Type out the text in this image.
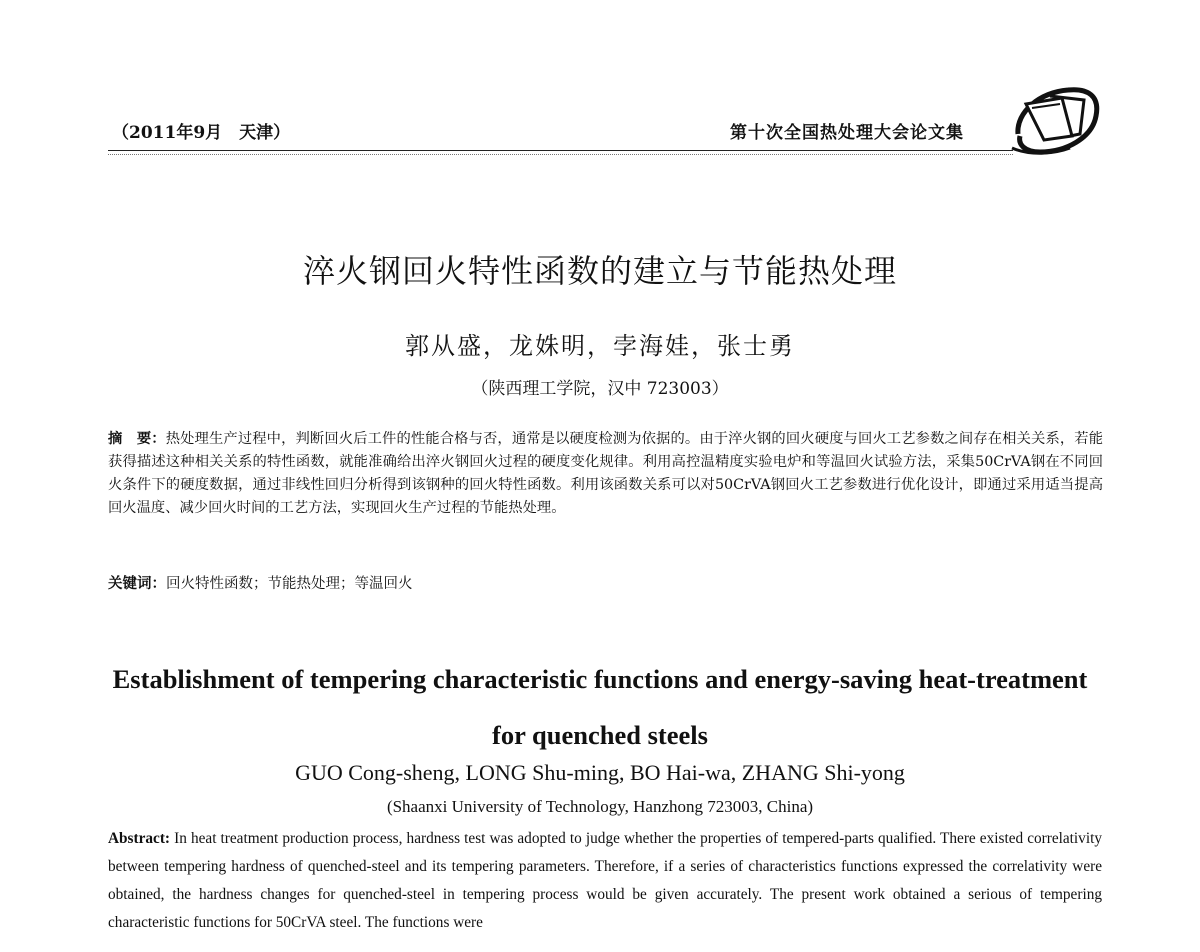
（2011年9月　天津）	第十次全国热处理大会论文集
淬火钢回火特性函数的建立与节能热处理
郭从盛，龙姝明，孛海娃，张士勇
（陕西理工学院，汉中 723003）
摘　要：热处理生产过程中，判断回火后工件的性能合格与否，通常是以硬度检测为依据的。由于淬火钢的回火硬度与回火工艺参数之间存在相关关系，若能获得描述这种相关关系的特性函数，就能准确给出淬火钢回火过程的硬度变化规律。利用高控温精度实验电炉和等温回火试验方法，采集50CrVA钢在不同回火条件下的硬度数据，通过非线性回归分析得到该钢种的回火特性函数。利用该函数关系可以对50CrVA钢回火工艺参数进行优化设计，即通过采用适当提高回火温度、减少回火时间的工艺方法，实现回火生产过程的节能热处理。
关键词：回火特性函数；节能热处理；等温回火
Establishment of tempering characteristic functions and energy-saving heat-treatment for quenched steels
GUO Cong-sheng, LONG Shu-ming, BO Hai-wa, ZHANG Shi-yong
(Shaanxi University of Technology, Hanzhong 723003, China)
Abstract: In heat treatment production process, hardness test was adopted to judge whether the properties of tempered-parts qualified. There existed correlativity between tempering hardness of quenched-steel and its tempering parameters. Therefore, if a series of characteristics functions expressed the correlativity were obtained, the hardness changes for quenched-steel in tempering process would be given accurately. The present work obtained a serious of tempering characteristic functions for 50CrVA steel. The functions were
